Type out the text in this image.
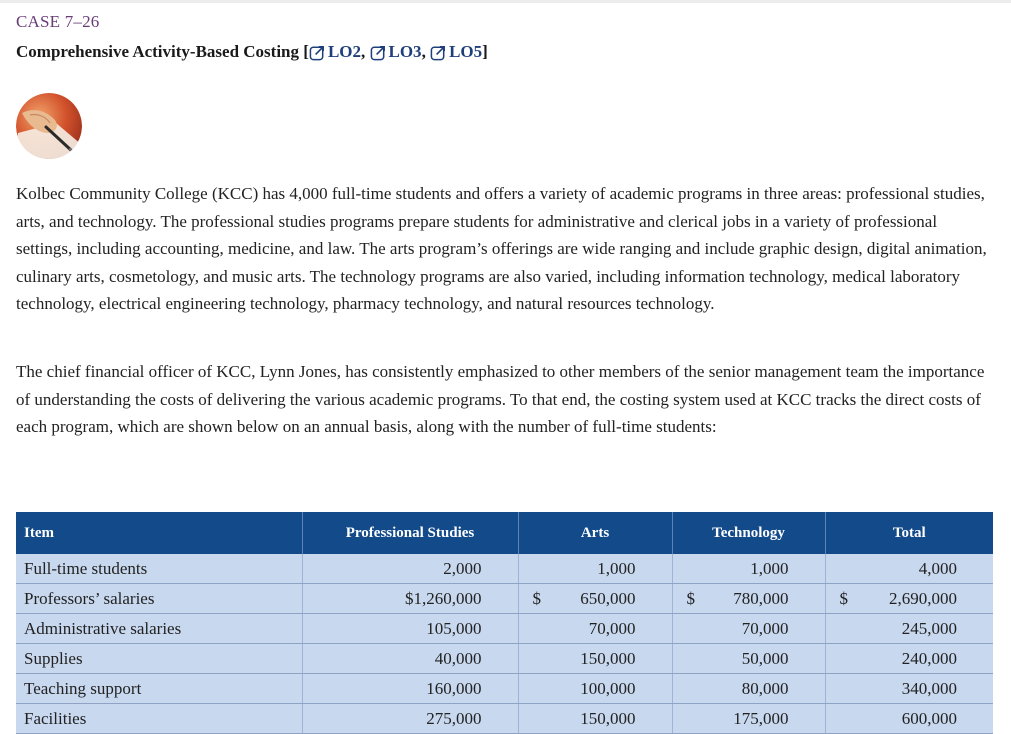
CASE 7–26
Comprehensive Activity-Based Costing [ LO2 , LO3 , LO5 ]

Kolbec Community College (KCC) has 4,000 full-time students and offers a variety of academic programs in three areas: professional studies, arts, and technology. The professional studies programs prepare students for administrative and clerical jobs in a variety of professional settings, including accounting, medicine, and law. The arts program’s offerings are wide ranging and include graphic design, digital animation, culinary arts, cosmetology, and music arts. The technology programs are also varied, including information technology, medical laboratory technology, electrical engineering technology, pharmacy technology, and natural resources technology.

The chief financial officer of KCC, Lynn Jones, has consistently emphasized to other members of the senior management team the importance of understanding the costs of delivering the various academic programs. To that end, the costing system used at KCC tracks the direct costs of each program, which are shown below on an annual basis, along with the number of full-time students:

Item	Professional Studies	Arts	Technology	Total
Full-time students	2,000	1,000	1,000	4,000
Professors’ salaries	$1,260,000	$ 650,000	$ 780,000	$ 2,690,000
Administrative salaries	105,000	70,000	70,000	245,000
Supplies	40,000	150,000	50,000	240,000
Teaching support	160,000	100,000	80,000	340,000
Facilities	275,000	150,000	175,000	600,000
